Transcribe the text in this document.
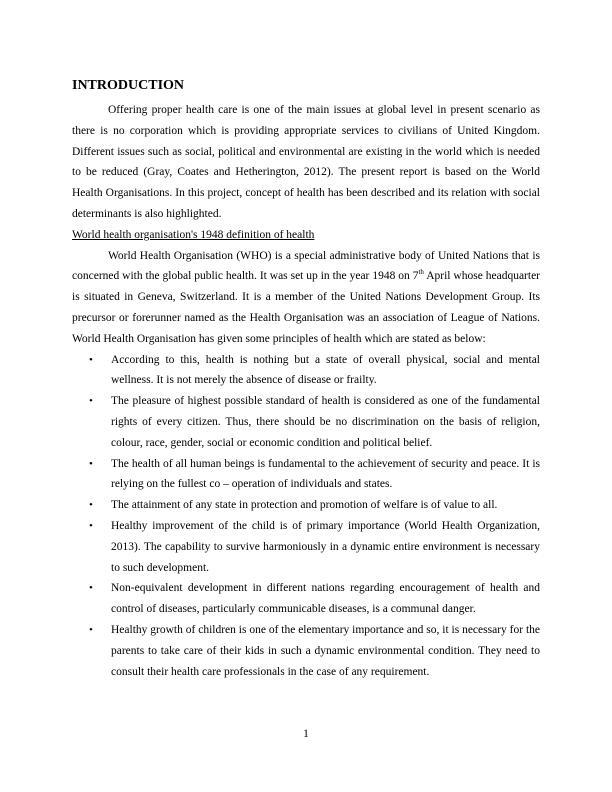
INTRODUCTION

Offering proper health care is one of the main issues at global level in present scenario as there is no corporation which is providing appropriate services to civilians of United Kingdom. Different issues such as social, political and environmental are existing in the world which is needed to be reduced (Gray, Coates and Hetherington, 2012). The present report is based on the World Health Organisations. In this project, concept of health has been described and its relation with social determinants is also highlighted.

World health organisation's 1948 definition of health

World Health Organisation (WHO) is a special administrative body of United Nations that is concerned with the global public health. It was set up in the year 1948 on 7th April whose headquarter is situated in Geneva, Switzerland. It is a member of the United Nations Development Group. Its precursor or forerunner named as the Health Organisation was an association of League of Nations. World Health Organisation has given some principles of health which are stated as below:

• According to this, health is nothing but a state of overall physical, social and mental wellness. It is not merely the absence of disease or frailty.
• The pleasure of highest possible standard of health is considered as one of the fundamental rights of every citizen. Thus, there should be no discrimination on the basis of religion, colour, race, gender, social or economic condition and political belief.
• The health of all human beings is fundamental to the achievement of security and peace. It is relying on the fullest co – operation of individuals and states.
• The attainment of any state in protection and promotion of welfare is of value to all.
• Healthy improvement of the child is of primary importance (World Health Organization, 2013). The capability to survive harmoniously in a dynamic entire environment is necessary to such development.
• Non-equivalent development in different nations regarding encouragement of health and control of diseases, particularly communicable diseases, is a communal danger.
• Healthy growth of children is one of the elementary importance and so, it is necessary for the parents to take care of their kids in such a dynamic environmental condition. They need to consult their health care professionals in the case of any requirement.
1
